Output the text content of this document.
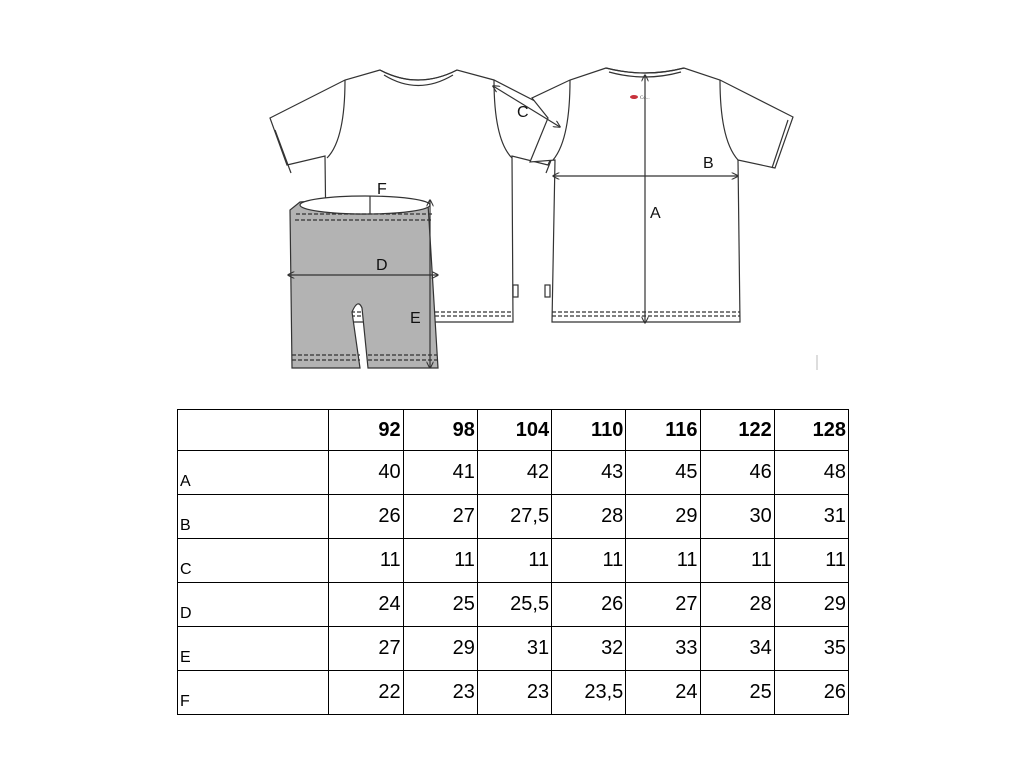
Co...
A
B
C
D
E
F
	92	98	104	110	116	122	128
A	40	41	42	43	45	46	48
B	26	27	27,5	28	29	30	31
C	11	11	11	11	11	11	11
D	24	25	25,5	26	27	28	29
E	27	29	31	32	33	34	35
F	22	23	23	23,5	24	25	26
